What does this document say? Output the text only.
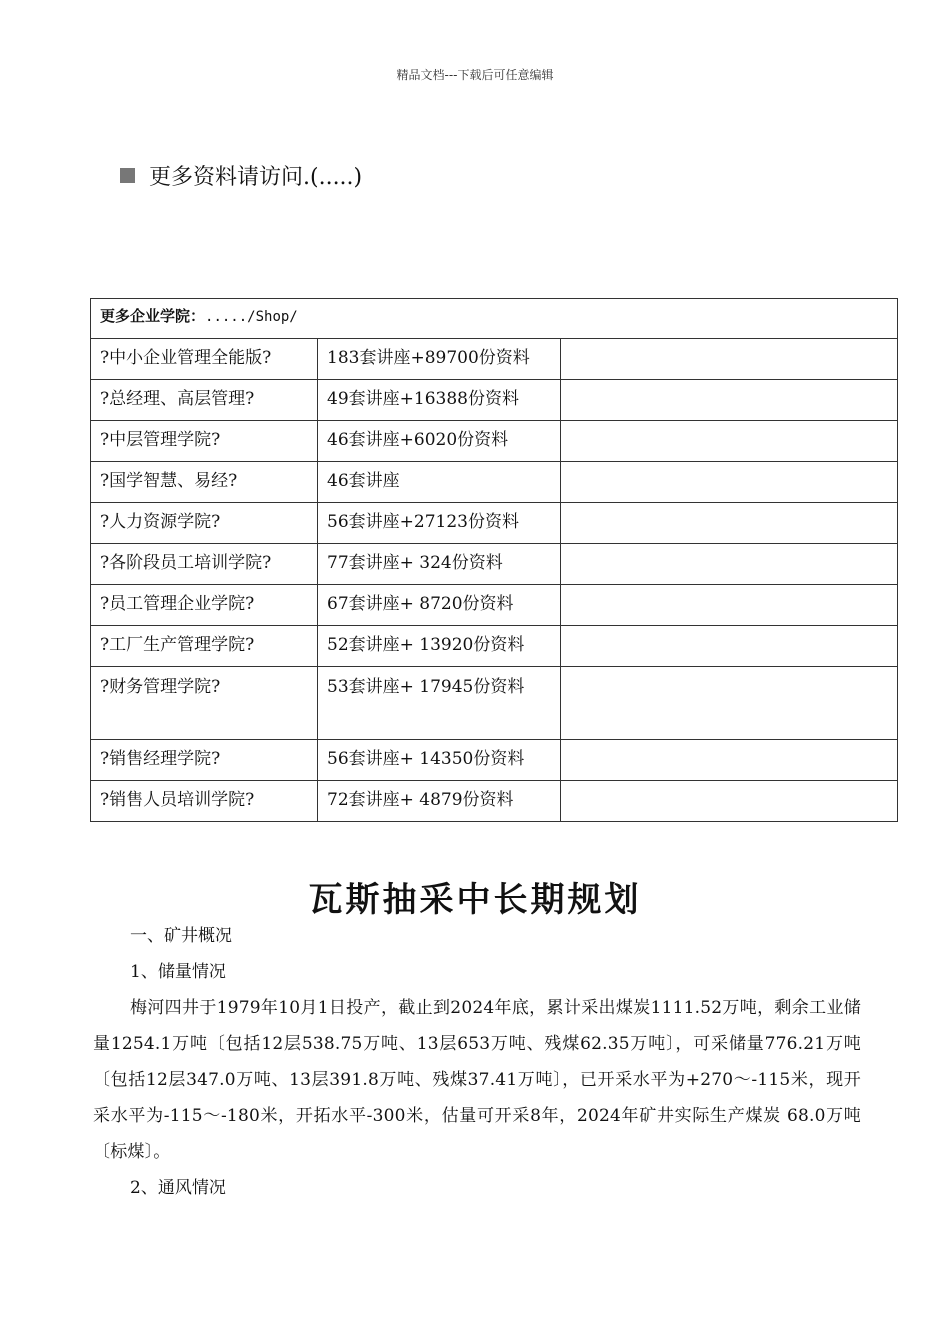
精品文档---下载后可任意编辑
更多资料请访问.(.....)
更多企业学院：...../Shop/		
?中小企业管理全能版?	183套讲座+89700份资料	
?总经理、高层管理?	49套讲座+16388份资料	
?中层管理学院?	46套讲座+6020份资料	
?国学智慧、易经?	46套讲座	
?人力资源学院?	56套讲座+27123份资料	
?各阶段员工培训学院?	77套讲座+ 324份资料	
?员工管理企业学院?	67套讲座+ 8720份资料	
?工厂生产管理学院?	52套讲座+ 13920份资料	
?财务管理学院?	53套讲座+ 17945份资料	
?销售经理学院?	56套讲座+ 14350份资料	
?销售人员培训学院?	72套讲座+ 4879份资料	
瓦斯抽采中长期规划

一、矿井概况

1、储量情况

梅河四井于1979年10月1日投产，截止到2024年底，累计采出煤炭1111.52万吨，剩余工业储量1254.1万吨〔包括12层538.75万吨、13层653万吨、残煤62.35万吨〕，可采储量776.21万吨〔包括12层347.0万吨、13层391.8万吨、残煤37.41万吨〕，已开采水平为+270～-115米，现开采水平为-115～-180米，开拓水平-300米，估量可开采8年，2024年矿井实际生产煤炭 68.0万吨〔标煤〕。

2、通风情况
